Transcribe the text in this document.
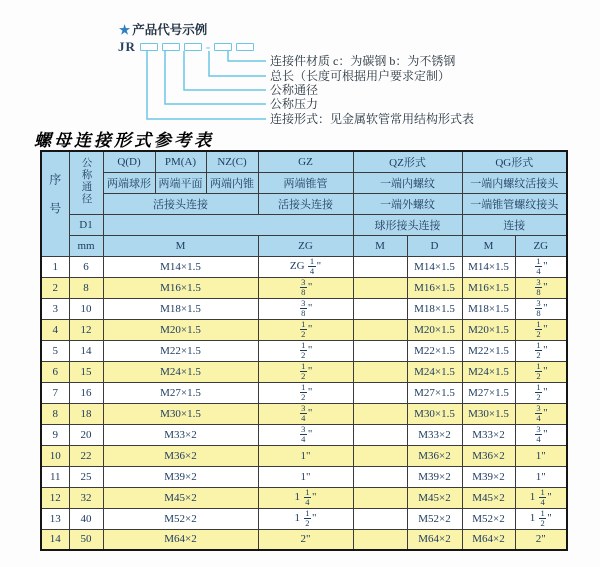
★ 产品代号示例
JR	-
连接件材质 c：为碳钢 b：为不锈钢
总长（长度可根据用户要求定制）
公称通径
公称压力
连接形式：见金属软管常用结构形式表
螺母连接形式参考表
序号	公称通径	Q(D)	PM(A)	NZ(C)	GZ	QZ形式		QG形式	
		两端球形	两端平面	两端内锥	两端锥管	一端内螺纹		一端内螺纹活接头	
		活接头连接			活接头连接	一端外螺纹		一端锥管螺纹接头	
	D1					球形接头连接		连接	
	mm	M			ZG	M	D	M	ZG
1	6	M14×1.5			ZG $\frac{1}{4}$ "		M14×1.5	M14×1.5	$\frac{1}{4}$ "
2	8	M16×1.5			$\frac{3}{8}$ "		M16×1.5	M16×1.5	$\frac{3}{8}$ "
3	10	M18×1.5			$\frac{3}{8}$ "		M18×1.5	M18×1.5	$\frac{3}{8}$ "
4	12	M20×1.5			$\frac{1}{2}$ "		M20×1.5	M20×1.5	$\frac{1}{2}$ "
5	14	M22×1.5			$\frac{1}{2}$ "		M22×1.5	M22×1.5	$\frac{1}{2}$ "
6	15	M24×1.5			$\frac{1}{2}$ "		M24×1.5	M24×1.5	$\frac{1}{2}$ "
7	16	M27×1.5			$\frac{1}{2}$ "		M27×1.5	M27×1.5	$\frac{1}{2}$ "
8	18	M30×1.5			$\frac{3}{4}$ "		M30×1.5	M30×1.5	$\frac{3}{4}$ "
9	20	M33×2			$\frac{3}{4}$ "		M33×2	M33×2	$\frac{3}{4}$ "
10	22	M36×2			1"		M36×2	M36×2	1"
11	25	M39×2			1"		M39×2	M39×2	1"
12	32	M45×2			$1 \frac{1}{4}$ "		M45×2	M45×2	$1 \frac{1}{4}$ "
13	40	M52×2			$1 \frac{1}{2}$ "		M52×2	M52×2	$1 \frac{1}{2}$ "
14	50	M64×2			2"		M64×2	M64×2	2"
